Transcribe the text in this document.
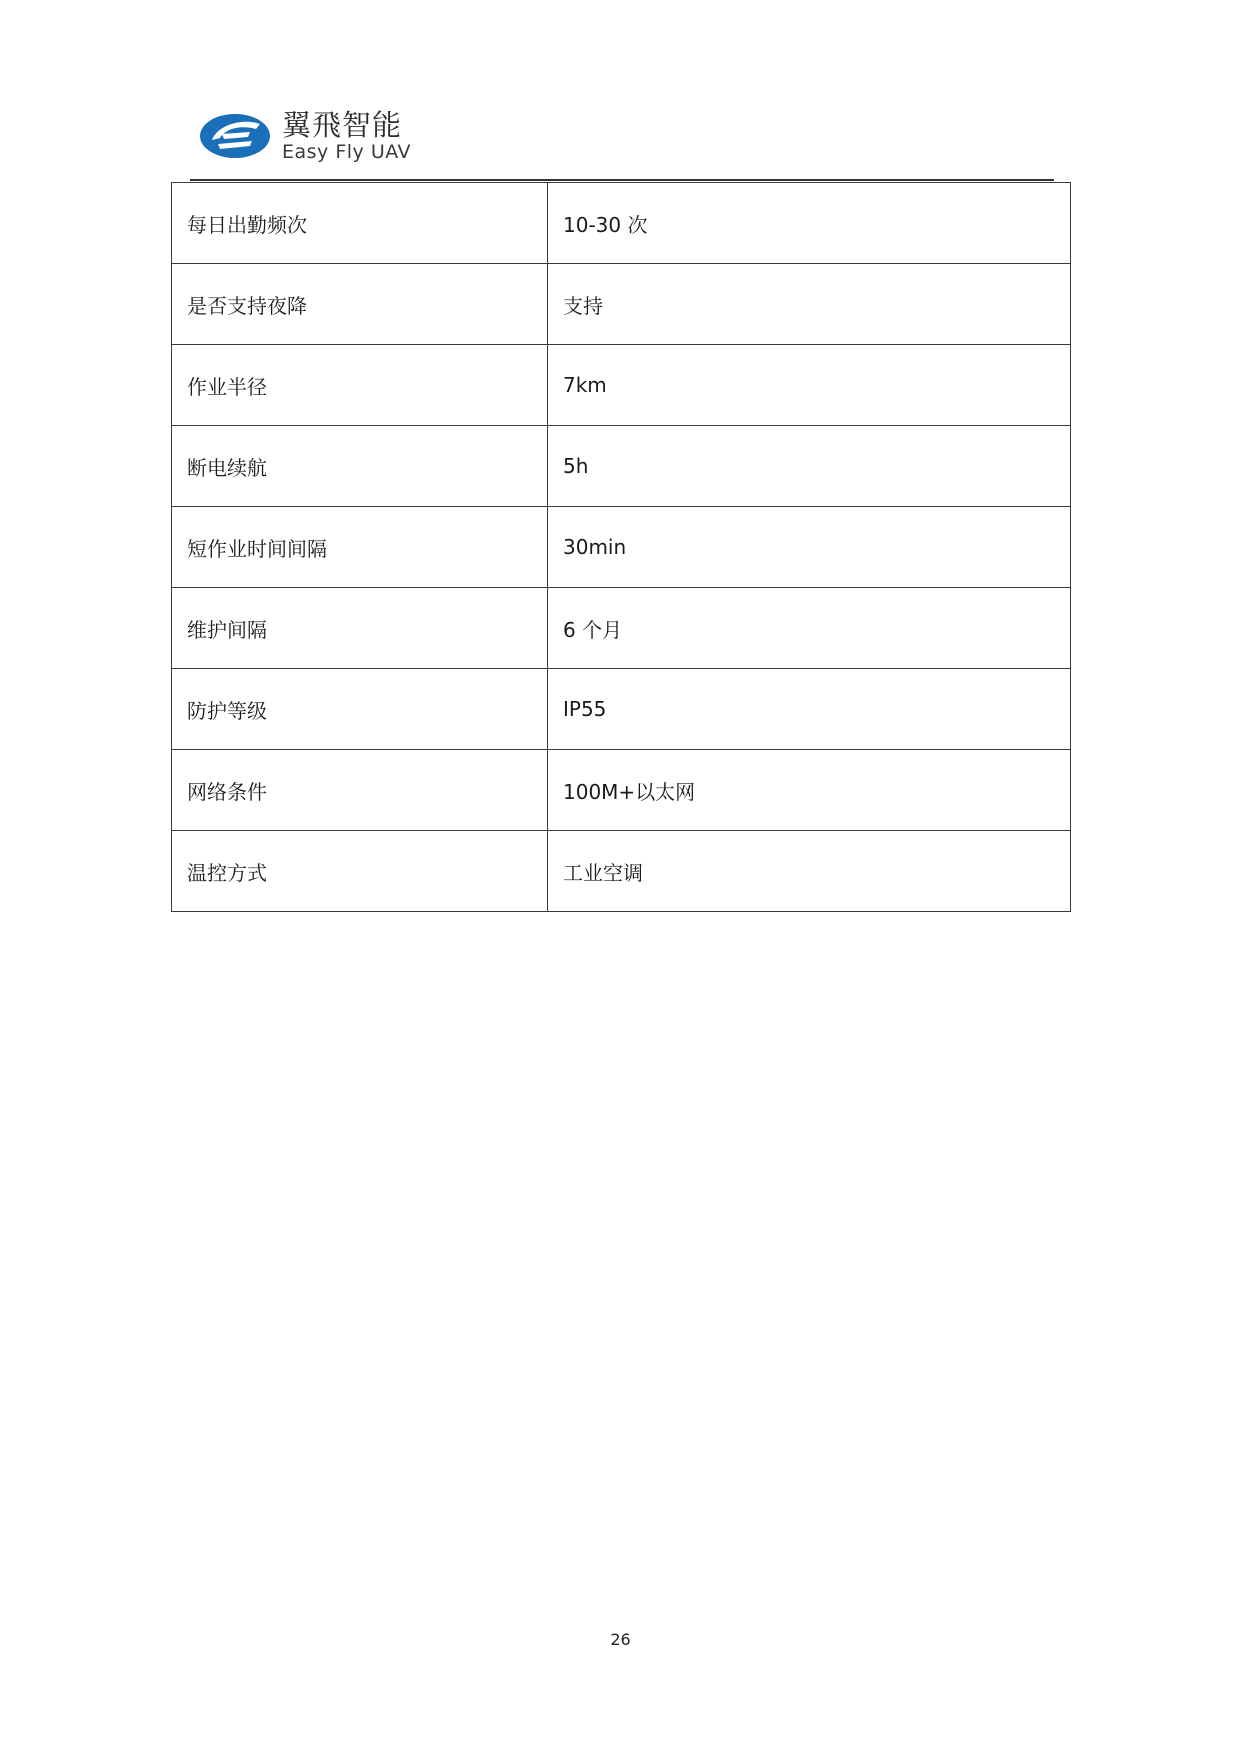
翼飛智能
Easy Fly UAV
每日出勤频次	10-30 次
是否支持夜降	支持
作业半径	7km
断电续航	5h
短作业时间间隔	30min
维护间隔	6 个月
防护等级	IP55
网络条件	100M+以太网
温控方式	工业空调
26
